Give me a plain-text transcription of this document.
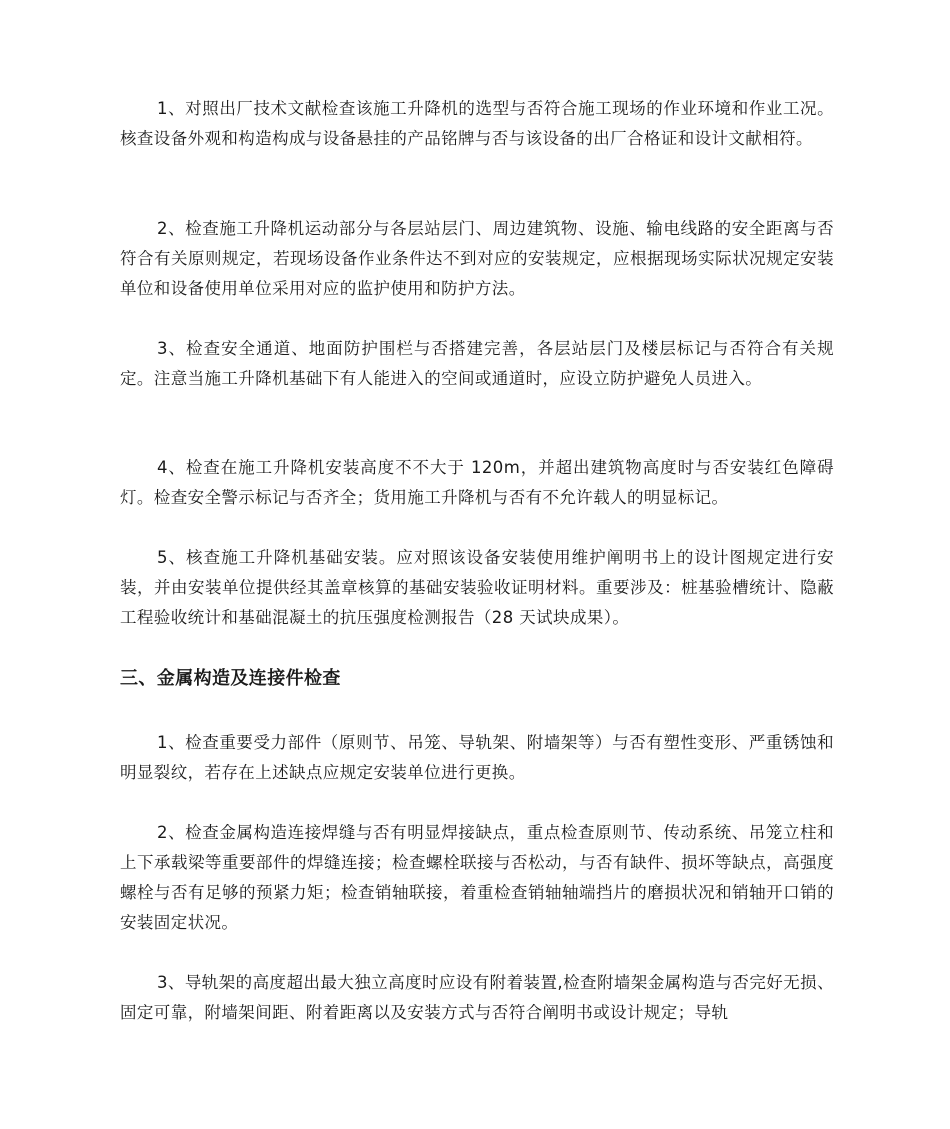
1、对照出厂技术文献检查该施工升降机的选型与否符合施工现场的作业环境和作业工况。核查设备外观和构造构成与设备悬挂的产品铭牌与否与该设备的出厂合格证和设计文献相符。

2、检查施工升降机运动部分与各层站层门、周边建筑物、设施、输电线路的安全距离与否符合有关原则规定，若现场设备作业条件达不到对应的安装规定，应根据现场实际状况规定安装单位和设备使用单位采用对应的监护使用和防护方法。

3、检查安全通道、地面防护围栏与否搭建完善，各层站层门及楼层标记与否符合有关规定。注意当施工升降机基础下有人能进入的空间或通道时，应设立防护避免人员进入。

4、检查在施工升降机安装高度不不大于 120m，并超出建筑物高度时与否安装红色障碍灯。检查安全警示标记与否齐全；货用施工升降机与否有不允许载人的明显标记。

5、核查施工升降机基础安装。应对照该设备安装使用维护阐明书上的设计图规定进行安装，并由安装单位提供经其盖章核算的基础安装验收证明材料。重要涉及：桩基验槽统计、隐蔽工程验收统计和基础混凝土的抗压强度检测报告（28 天试块成果）。

三、金属构造及连接件检查

1、检查重要受力部件（原则节、吊笼、导轨架、附墙架等）与否有塑性变形、严重锈蚀和明显裂纹，若存在上述缺点应规定安装单位进行更换。

2、检查金属构造连接焊缝与否有明显焊接缺点，重点检查原则节、传动系统、吊笼立柱和上下承载梁等重要部件的焊缝连接；检查螺栓联接与否松动，与否有缺件、损坏等缺点，高强度螺栓与否有足够的预紧力矩；检查销轴联接，着重检查销轴轴端挡片的磨损状况和销轴开口销的安装固定状况。

3、导轨架的高度超出最大独立高度时应设有附着装置,检查附墙架金属构造与否完好无损、固定可靠，附墙架间距、附着距离以及安装方式与否符合阐明书或设计规定；导轨
